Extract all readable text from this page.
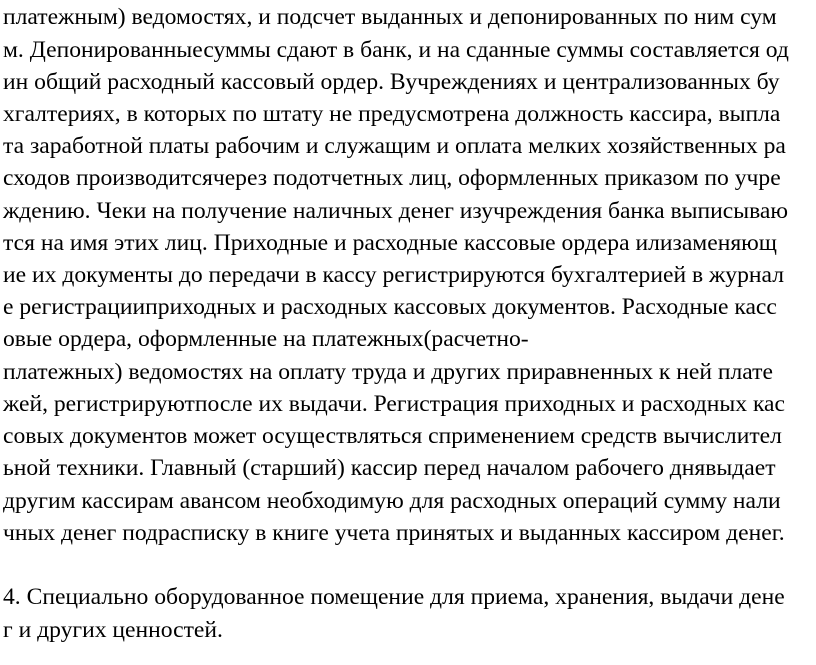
платежным) ведомостях, и подсчет выданных и депонированных по ним сум
м. Депонированныесуммы сдают в банк, и на сданные суммы составляется од
ин общий расходный кассовый ордер. Вучреждениях и централизованных бу
хгалтериях, в которых по штату не предусмотрена должность кассира, выпла
та заработной платы рабочим и служащим и оплата мелких хозяйственных ра
сходов производитсячерез подотчетных лиц, оформленных приказом по учре
ждению. Чеки на получение наличных денег изучреждения банка выписываю
тся на имя этих лиц. Приходные и расходные кассовые ордера илизаменяющ
ие их документы до передачи в кассу регистрируются бухгалтерией в журнал
е регистрацииприходных и расходных кассовых документов. Расходные касс
овые ордера, оформленные на платежных(расчетно-
платежных) ведомостях на оплату труда и других приравненных к ней плате
жей, регистрируютпосле их выдачи. Регистрация приходных и расходных кас
совых документов может осуществляться сприменением средств вычислител
ьной техники. Главный (старший) кассир перед началом рабочего днявыдает
другим кассирам авансом необходимую для расходных операций сумму нали
чных денег подрасписку в книге учета принятых и выданных кассиром денег.
4. Специально оборудованное помещение для приема, хранения, выдачи дене
г и других ценностей.
